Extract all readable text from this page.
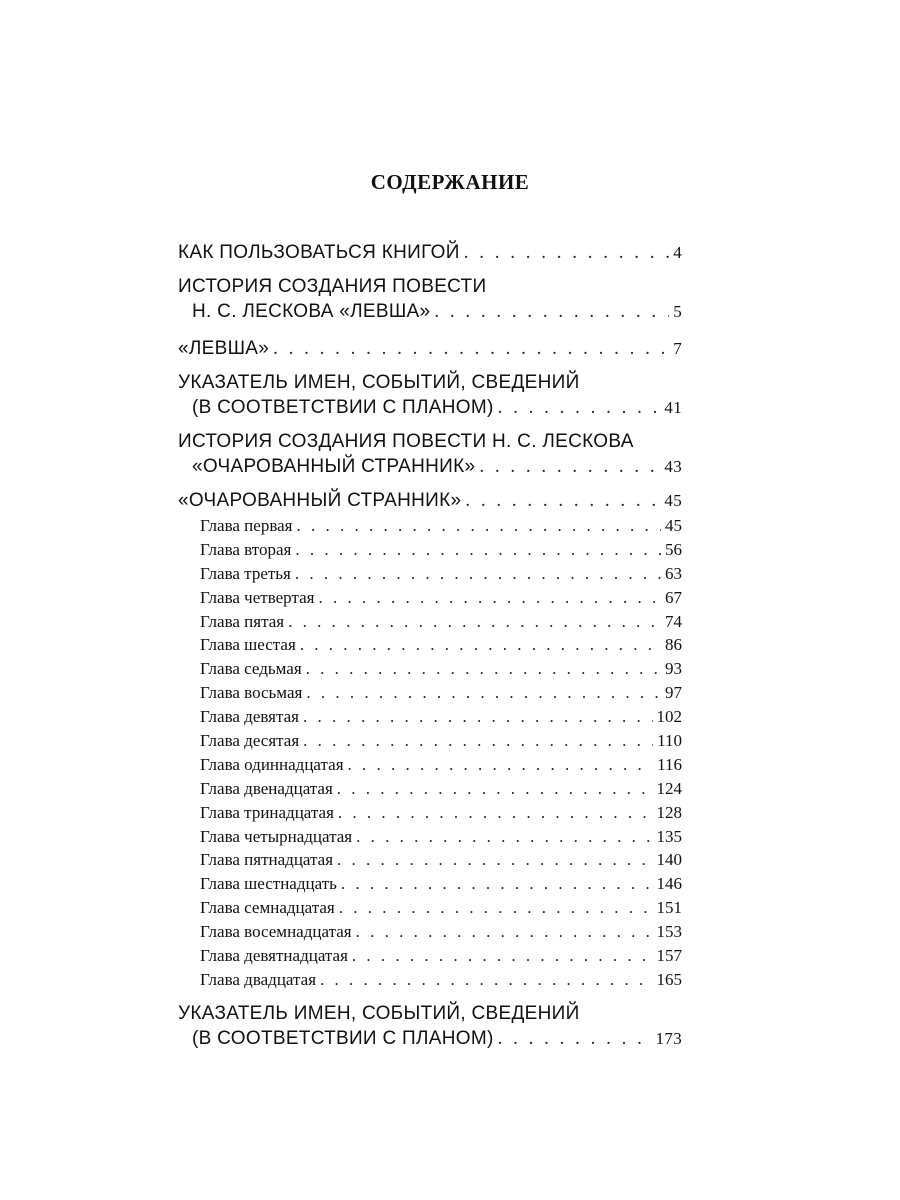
СОДЕРЖАНИЕ
КАК ПОЛЬЗОВАТЬСЯ КНИГОЙ . . .	4
ИСТОРИЯ СОЗДАНИЯ ПОВЕСТИ
Н. С. ЛЕСКОВА «ЛЕВША» . . .	5
«ЛЕВША» . . .	7
УКАЗАТЕЛЬ ИМЕН, СОБЫТИЙ, СВЕДЕНИЙ
(В СООТВЕТСТВИИ С ПЛАНОМ) . . .	41
ИСТОРИЯ СОЗДАНИЯ ПОВЕСТИ Н. С. ЛЕСКОВА
«ОЧАРОВАННЫЙ СТРАННИК» . . .	43
«ОЧАРОВАННЫЙ СТРАННИК» . . .	45
Глава первая . . .	45
Глава вторая . . .	56
Глава третья . . .	63
Глава четвертая . . .	67
Глава пятая . . .	74
Глава шестая . . .	86
Глава седьмая . . .	93
Глава восьмая . . .	97
Глава девятая . . .	102
Глава десятая . . .	110
Глава одиннадцатая . . .	116
Глава двенадцатая . . .	124
Глава тринадцатая . . .	128
Глава четырнадцатая . . .	135
Глава пятнадцатая . . .	140
Глава шестнадцать . . .	146
Глава семнадцатая . . .	151
Глава восемнадцатая . . .	153
Глава девятнадцатая . . .	157
Глава двадцатая . . .	165
УКАЗАТЕЛЬ ИМЕН, СОБЫТИЙ, СВЕДЕНИЙ
(В СООТВЕТСТВИИ С ПЛАНОМ) . . .	173
